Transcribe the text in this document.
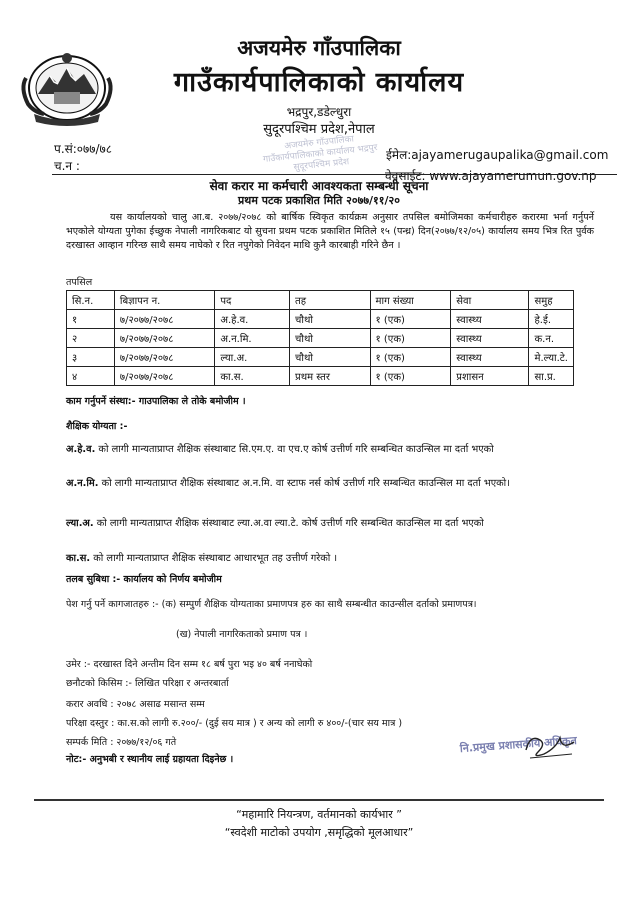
अजयमेरु गाँउपालिका
गाउँकार्यपालिकाको कार्यालय
भद्रपुर,डडेल्धुरा
सुदूरपश्चिम प्रदेश,नेपाल
अजयमेरु गाँउपालिका गाउँकार्यपालिकाको कार्यालय भद्रपुर सुदूरपश्चिम प्रदेश
प.सं:०७७/७८
च.न :
ईमेल:ajayamerugaupalika@gmail.com
वेवसाईट: www.ajayamerumun.gov.np
सेवा करार मा कर्मचारी आवश्यकता सम्बन्धी सूचना
प्रथम पटक प्रकाशित मिति २०७७/११/२०
यस कार्यालयको चालु आ.ब. २०७७/२०७८ को बार्षिक स्विकृत कार्यक्रम अनुसार तपसिल बमोजिमका कर्मचारीहरु करारमा भर्ना गर्नुपर्ने भएकोले योग्यता पुगेका ईच्छुक नेपाली नागरिकबाट यो सुचना प्रथम पटक प्रकाशित मितिले १५ (पन्ध्र) दिन(२०७७/१२/०५) कार्यालय समय भित्र रित पुर्वक दरखास्त आव्हान गरिन्छ साथै समय नाघेको र रित नपुगेको निवेदन माथि कुनै कारबाही गरिने छैन ।
तपसिल
सि.न.	बिज्ञापन न.	पद	तह	माग संख्या	सेवा	समुह
१	७/२०७७/२०७८	अ.हे.व.	चौथो	१ (एक)	स्वास्थ्य	हे.ई.
२	७/२०७७/२०७८	अ.न.मि.	चौथो	१ (एक)	स्वास्थ्य	क.न.
३	७/२०७७/२०७८	ल्या.अ.	चौथो	१ (एक)	स्वास्थ्य	मे.ल्या.टे.
४	७/२०७७/२०७८	का.स.	प्रथम स्तर	१ (एक)	प्रशासन	सा.प्र.
काम गर्नुपर्ने संस्था:- गाउपालिका ले तोके बमोजीम ।
शैक्षिक योग्यता :-
अ.हे.व. को लागी मान्यताप्राप्त शैक्षिक संस्थाबाट सि.एम.ए. वा एच.ए कोर्ष उत्तीर्ण गरि सम्बन्धित काउन्सिल मा दर्ता भएको
अ.न.मि. को लागी मान्यताप्राप्त शैक्षिक संस्थाबाट अ.न.मि. वा स्टाफ नर्स कोर्ष उत्तीर्ण गरि सम्बन्धित काउन्सिल मा दर्ता भएको।
ल्या.अ. को लागी मान्यताप्राप्त शैक्षिक संस्थाबाट ल्या.अ.वा ल्या.टे. कोर्ष उत्तीर्ण गरि सम्बन्धित काउन्सिल मा दर्ता भएको
का.स. को लागी मान्यताप्राप्त शैक्षिक संस्थाबाट आधारभूत तह उत्तीर्ण गरेको ।
तलब सुबिधा :- कार्यालय को निर्णय बमोजीम
पेश गर्नु पर्ने कागजातहरु :- (क) सम्पुर्ण शैक्षिक योग्यताका प्रमाणपत्र हरु का साथै सम्बन्धीत काउन्सील दर्ताको प्रमाणपत्र।
(ख) नेपाली नागरिकताको प्रमाण पत्र ।
उमेर :- दरखास्त दिने अन्तीम दिन सम्म १८ बर्ष पुरा भइ ४० बर्ष ननाघेको
छनौटको किसिम :- लिखित परिक्षा र अन्तरबार्ता
करार अवधि : २०७८ असाढ मसान्त सम्म
परिक्षा दस्तुर : का.स.को लागी रु.२००/- (दुई सय मात्र ) र अन्य को लागी रु ४००/-(चार सय मात्र )
सम्पर्क मिति : २०७७/१२/०६ गते
नोट:- अनुभबी र स्थानीय लाई ग्रहायता दिइनेछ ।
नि.प्रमुख प्रशासकीय अधिकृत
“महामारि नियन्त्रण, वर्तमानको कार्यभार ”
“स्वदेशी माटोको उपयोग ,समृद्धिको मूलआधार”
